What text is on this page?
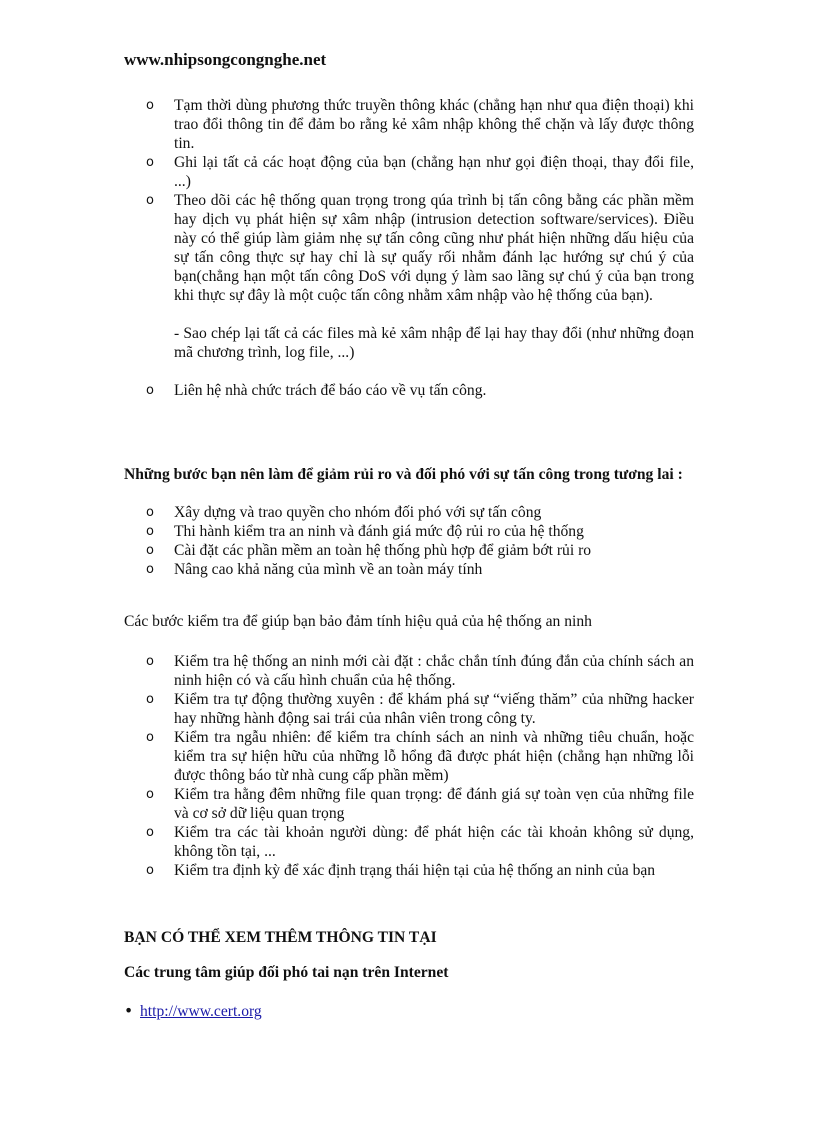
www.nhipsongcongnghe.net
o Tạm thời dùng phương thức truyền thông khác (chẳng hạn như qua điện thoại) khi trao đổi thông tin để đảm bo rằng kẻ xâm nhập không thể chặn và lấy được thông tin.
o Ghi lại tất cả các hoạt động của bạn (chẳng hạn như gọi điện thoại, thay đổi file, ...)
o Theo dõi các hệ thống quan trọng trong qúa trình bị tấn công bằng các phần mềm hay dịch vụ phát hiện sự xâm nhập (intrusion detection software/services). Điều này có thể giúp làm giảm nhẹ sự tấn công cũng như phát hiện những dấu hiệu của sự tấn công thực sự hay chỉ là sự quấy rối nhằm đánh lạc hướng sự chú ý của bạn(chẳng hạn một tấn công DoS với dụng ý làm sao lãng sự chú ý của bạn trong khi thực sự đây là một cuộc tấn công nhằm xâm nhập vào hệ thống của bạn).
- Sao chép lại tất cả các files mà kẻ xâm nhập để lại hay thay đổi (như những đoạn mã chương trình, log file, ...)
o Liên hệ nhà chức trách để báo cáo về vụ tấn công.
Những bước bạn nên làm để giảm rủi ro và đối phó với sự tấn công trong tương lai :
o Xây dựng và trao quyền cho nhóm đối phó với sự tấn công
o Thi hành kiểm tra an ninh và đánh giá mức độ rủi ro của hệ thống
o Cài đặt các phần mềm an toàn hệ thống phù hợp để giảm bớt rủi ro
o Nâng cao khả năng của mình về an toàn máy tính
Các bước kiểm tra để giúp bạn bảo đảm tính hiệu quả của hệ thống an ninh
o Kiểm tra hệ thống an ninh mới cài đặt : chắc chắn tính đúng đắn của chính sách an ninh hiện có và cấu hình chuẩn của hệ thống.
o Kiểm tra tự động thường xuyên : để khám phá sự “viếng thăm” của những hacker hay những hành động sai trái của nhân viên trong công ty.
o Kiểm tra ngẫu nhiên: để kiểm tra chính sách an ninh và những tiêu chuẩn, hoặc kiểm tra sự hiện hữu của những lỗ hổng đã được phát hiện (chẳng hạn những lỗi được thông báo từ nhà cung cấp phần mềm)
o Kiểm tra hằng đêm những file quan trọng: để đánh giá sự toàn vẹn của những file và cơ sở dữ liệu quan trọng
o Kiểm tra các tài khoản người dùng: để phát hiện các tài khoản không sử dụng, không tồn tại, ...
o Kiểm tra định kỳ để xác định trạng thái hiện tại của hệ thống an ninh của bạn
BẠN CÓ THỂ XEM THÊM THÔNG TIN TẠI
Các trung tâm giúp đối phó tai nạn trên Internet
• http://www.cert.org
